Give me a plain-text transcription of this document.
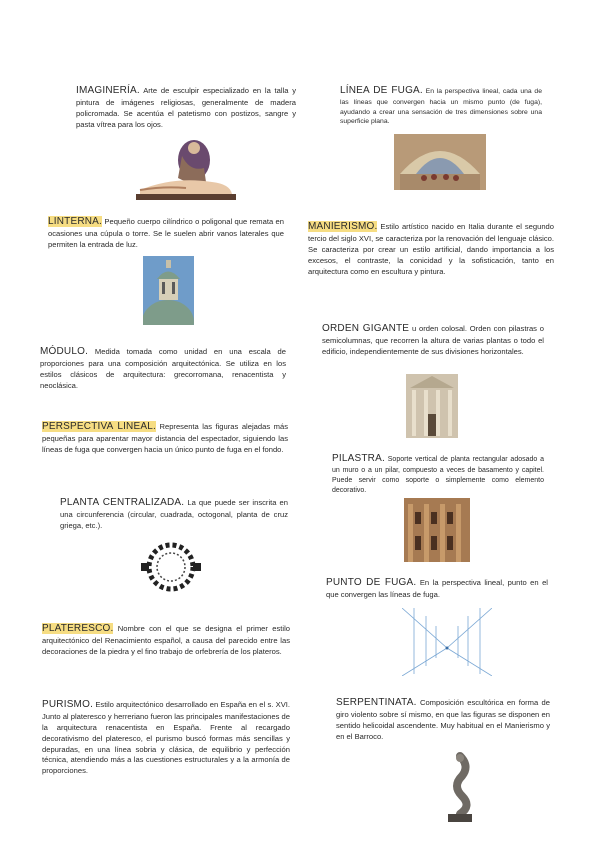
IMAGINERÍA. Arte de esculpir especializado en la talla y pintura de imágenes religiosas, generalmente de madera policromada. Se acentúa el patetismo con postizos, sangre y pasta vítrea para los ojos.
LINTERNA. Pequeño cuerpo cilíndrico o poligonal que remata en ocasiones una cúpula o torre. Se le suelen abrir vanos laterales que permiten la entrada de luz.
MÓDULO. Medida tomada como unidad en una escala de proporciones para una composición arquitectónica. Se utiliza en los estilos clásicos de arquitectura: grecorromana, renacentista y neoclásica.
PERSPECTIVA LINEAL. Representa las figuras alejadas más pequeñas para aparentar mayor distancia del espectador, siguiendo las líneas de fuga que convergen hacia un único punto de fuga en el fondo.
PLANTA CENTRALIZADA. La que puede ser inscrita en una circunferencia (circular, cuadrada, octogonal, planta de cruz griega, etc.).
PLATERESCO. Nombre con el que se designa el primer estilo arquitectónico del Renacimiento español, a causa del parecido entre las decoraciones de la piedra y el fino trabajo de orfebrería de los plateros.
PURISMO. Estilo arquitectónico desarrollado en España en el s. XVI. Junto al plateresco y herreriano fueron las principales manifestaciones de la arquitectura renacentista en España. Frente al recargado decorativismo del plateresco, el purismo buscó formas más sencillas y depuradas, en una línea sobria y clásica, de equilibrio y perfección técnica, atendiendo más a las cuestiones estructurales y a la armonía de proporciones.
LÍNEA DE FUGA. En la perspectiva lineal, cada una de las líneas que convergen hacia un mismo punto (de fuga), ayudando a crear una sensación de tres dimensiones sobre una superficie plana.
MANIERISMO. Estilo artístico nacido en Italia durante el segundo tercio del siglo XVI, se caracteriza por la renovación del lenguaje clásico. Se caracteriza por crear un estilo artificial, dando importancia a los excesos, el contraste, la conicidad y la sofisticación, tanto en arquitectura como en escultura y pintura.
ORDEN GIGANTE u orden colosal. Orden con pilastras o semicolumnas, que recorren la altura de varias plantas o todo el edificio, independientemente de sus divisiones horizontales.
PILASTRA. Soporte vertical de planta rectangular adosado a un muro o a un pilar, compuesto a veces de basamento y capitel. Puede servir como soporte o simplemente como elemento decorativo.
PUNTO DE FUGA. En la perspectiva lineal, punto en el que convergen las líneas de fuga.
SERPENTINATA. Composición escultórica en forma de giro violento sobre sí mismo, en que las figuras se disponen en sentido helicoidal ascendente. Muy habitual en el Manierismo y en el Barroco.
